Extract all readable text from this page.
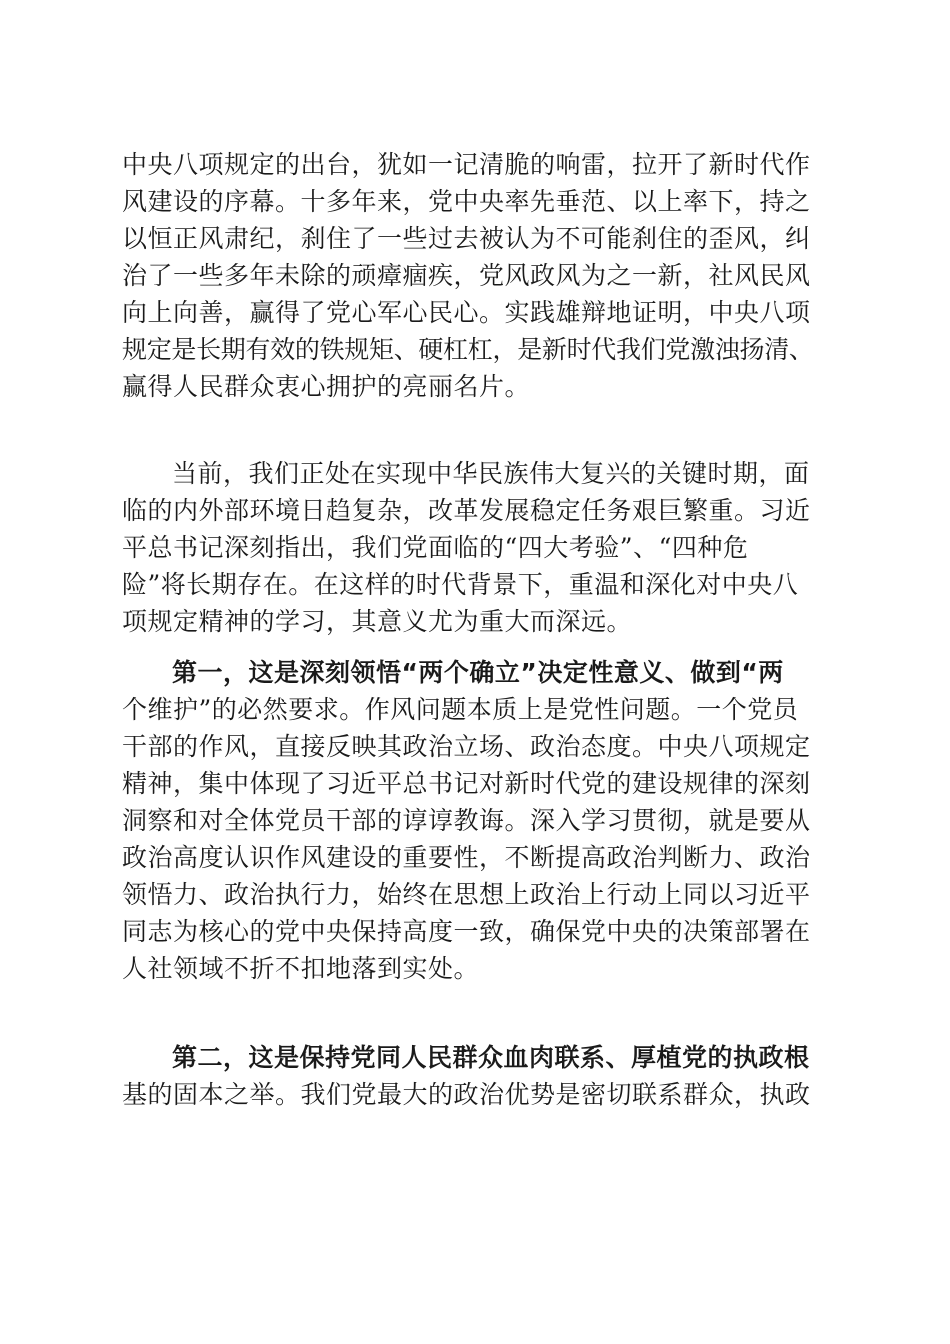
中央八项规定的出台，犹如一记清脆的响雷，拉开了新时代作
风建设的序幕。十多年来，党中央率先垂范、以上率下，持之
以恒正风肃纪，刹住了一些过去被认为不可能刹住的歪风，纠
治了一些多年未除的顽瘴痼疾，党风政风为之一新，社风民风
向上向善，赢得了党心军心民心。实践雄辩地证明，中央八项
规定是长期有效的铁规矩、硬杠杠，是新时代我们党激浊扬清、
赢得人民群众衷心拥护的亮丽名片。
当前，我们正处在实现中华民族伟大复兴的关键时期，面
临的内外部环境日趋复杂，改革发展稳定任务艰巨繁重。习近
平总书记深刻指出，我们党面临的“四大考验”、“四种危
险”将长期存在。在这样的时代背景下，重温和深化对中央八
项规定精神的学习，其意义尤为重大而深远。
第一，这是深刻领悟“两个确立”决定性意义、做到“两
个维护”的必然要求。作风问题本质上是党性问题。一个党员
干部的作风，直接反映其政治立场、政治态度。中央八项规定
精神，集中体现了习近平总书记对新时代党的建设规律的深刻
洞察和对全体党员干部的谆谆教诲。深入学习贯彻，就是要从
政治高度认识作风建设的重要性，不断提高政治判断力、政治
领悟力、政治执行力，始终在思想上政治上行动上同以习近平
同志为核心的党中央保持高度一致，确保党中央的决策部署在
人社领域不折不扣地落到实处。
第二，这是保持党同人民群众血肉联系、厚植党的执政根
基的固本之举。我们党最大的政治优势是密切联系群众，执政
